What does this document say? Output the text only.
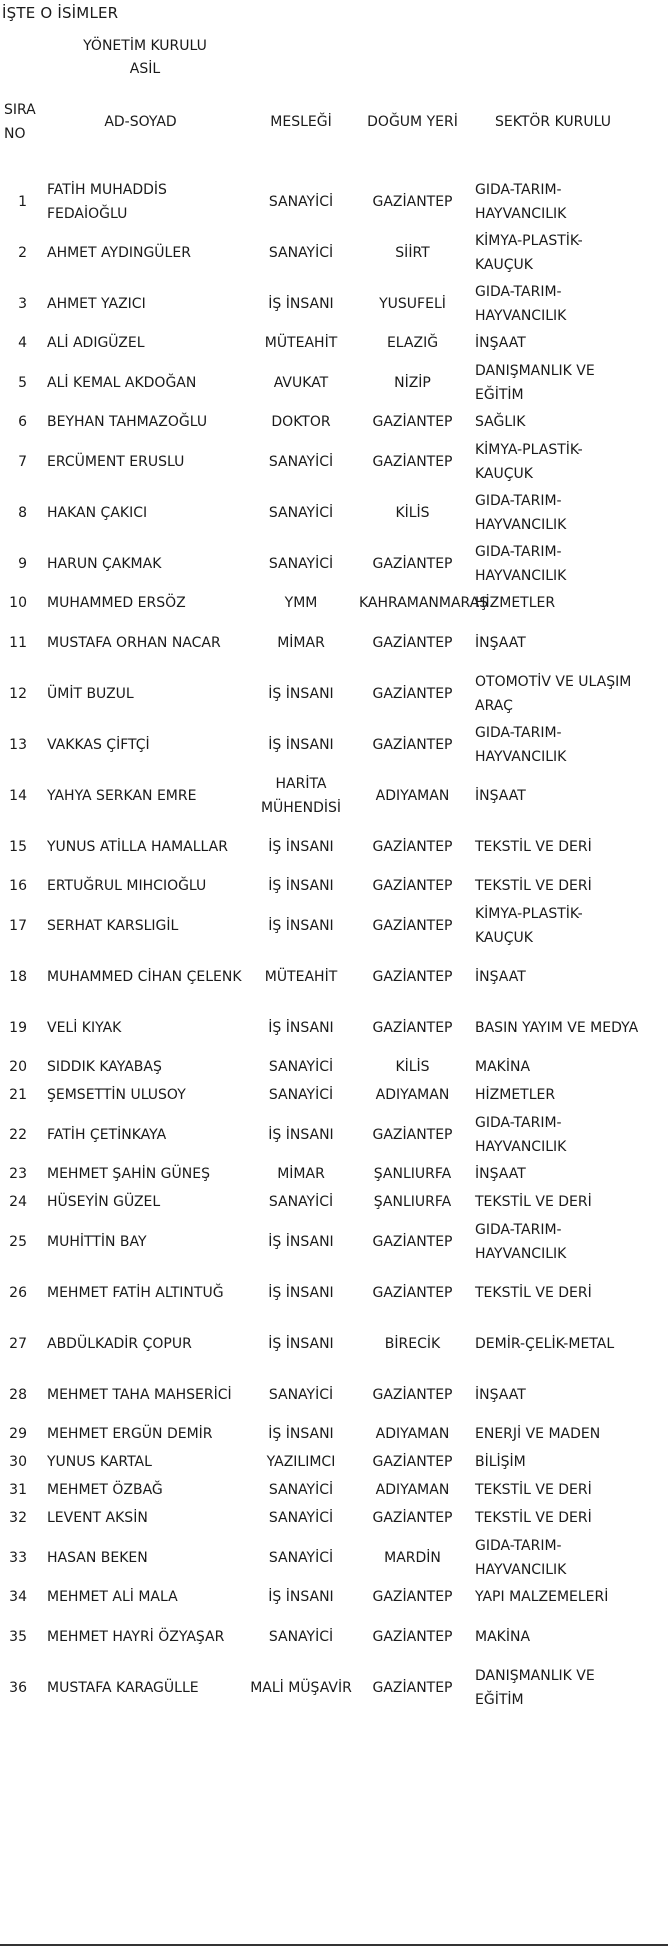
İŞTE O İSİMLER
YÖNETİM KURULU
ASİL
SIRA NO	AD-SOYAD	MESLEĞİ	DOĞUM YERİ	SEKTÖR KURULU

1	FATİH MUHADDİS FEDAİOĞLU	SANAYİCİ	GAZİANTEP	GIDA-TARIM-HAYVANCILIK
2	AHMET AYDINGÜLER	SANAYİCİ	SİİRT	KİMYA-PLASTİK-KAUÇUK
3	AHMET YAZICI	İŞ İNSANI	YUSUFELİ	GIDA-TARIM-HAYVANCILIK
4	ALİ ADIGÜZEL	MÜTEAHİT	ELAZIĞ	İNŞAAT
5	ALİ KEMAL AKDOĞAN	AVUKAT	NİZİP	DANIŞMANLIK VE EĞİTİM
6	BEYHAN TAHMAZOĞLU	DOKTOR	GAZİANTEP	SAĞLIK
7	ERCÜMENT ERUSLU	SANAYİCİ	GAZİANTEP	KİMYA-PLASTİK-KAUÇUK
8	HAKAN ÇAKICI	SANAYİCİ	KİLİS	GIDA-TARIM-HAYVANCILIK
9	HARUN ÇAKMAK	SANAYİCİ	GAZİANTEP	GIDA-TARIM-HAYVANCILIK
10	MUHAMMED ERSÖZ	YMM	KAHRAMANMARAŞ	HİZMETLER
11	MUSTAFA ORHAN NACAR	MİMAR	GAZİANTEP	İNŞAAT
12	ÜMİT BUZUL	İŞ İNSANI	GAZİANTEP	OTOMOTİV VE ULAŞIM ARAÇ
13	VAKKAS ÇİFTÇİ	İŞ İNSANI	GAZİANTEP	GIDA-TARIM-HAYVANCILIK
14	YAHYA SERKAN EMRE	HARİTA MÜHENDİSİ	ADIYAMAN	İNŞAAT
15	YUNUS ATİLLA HAMALLAR	İŞ İNSANI	GAZİANTEP	TEKSTİL VE DERİ
16	ERTUĞRUL MIHCIOĞLU	İŞ İNSANI	GAZİANTEP	TEKSTİL VE DERİ
17	SERHAT KARSLIGİL	İŞ İNSANI	GAZİANTEP	KİMYA-PLASTİK-KAUÇUK
18	MUHAMMED CİHAN ÇELENK	MÜTEAHİT	GAZİANTEP	İNŞAAT
19	VELİ KIYAK	İŞ İNSANI	GAZİANTEP	BASIN YAYIM VE MEDYA
20	SIDDIK KAYABAŞ	SANAYİCİ	KİLİS	MAKİNA
21	ŞEMSETTİN ULUSOY	SANAYİCİ	ADIYAMAN	HİZMETLER
22	FATİH ÇETİNKAYA	İŞ İNSANI	GAZİANTEP	GIDA-TARIM-HAYVANCILIK
23	MEHMET ŞAHİN GÜNEŞ	MİMAR	ŞANLIURFA	İNŞAAT
24	HÜSEYİN GÜZEL	SANAYİCİ	ŞANLIURFA	TEKSTİL VE DERİ
25	MUHİTTİN BAY	İŞ İNSANI	GAZİANTEP	GIDA-TARIM-HAYVANCILIK
26	MEHMET FATİH ALTINTUĞ	İŞ İNSANI	GAZİANTEP	TEKSTİL VE DERİ
27	ABDÜLKADİR ÇOPUR	İŞ İNSANI	BİRECİK	DEMİR-ÇELİK-METAL
28	MEHMET TAHA MAHSERİCİ	SANAYİCİ	GAZİANTEP	İNŞAAT
29	MEHMET ERGÜN DEMİR	İŞ İNSANI	ADIYAMAN	ENERJİ VE MADEN
30	YUNUS KARTAL	YAZILIMCI	GAZİANTEP	BİLİŞİM
31	MEHMET ÖZBAĞ	SANAYİCİ	ADIYAMAN	TEKSTİL VE DERİ
32	LEVENT AKSİN	SANAYİCİ	GAZİANTEP	TEKSTİL VE DERİ
33	HASAN BEKEN	SANAYİCİ	MARDİN	GIDA-TARIM-HAYVANCILIK
34	MEHMET ALİ MALA	İŞ İNSANI	GAZİANTEP	YAPI MALZEMELERİ
35	MEHMET HAYRİ ÖZYAŞAR	SANAYİCİ	GAZİANTEP	MAKİNA
36	MUSTAFA KARAGÜLLE	MALİ MÜŞAVİR	GAZİANTEP	DANIŞMANLIK VE EĞİTİM
